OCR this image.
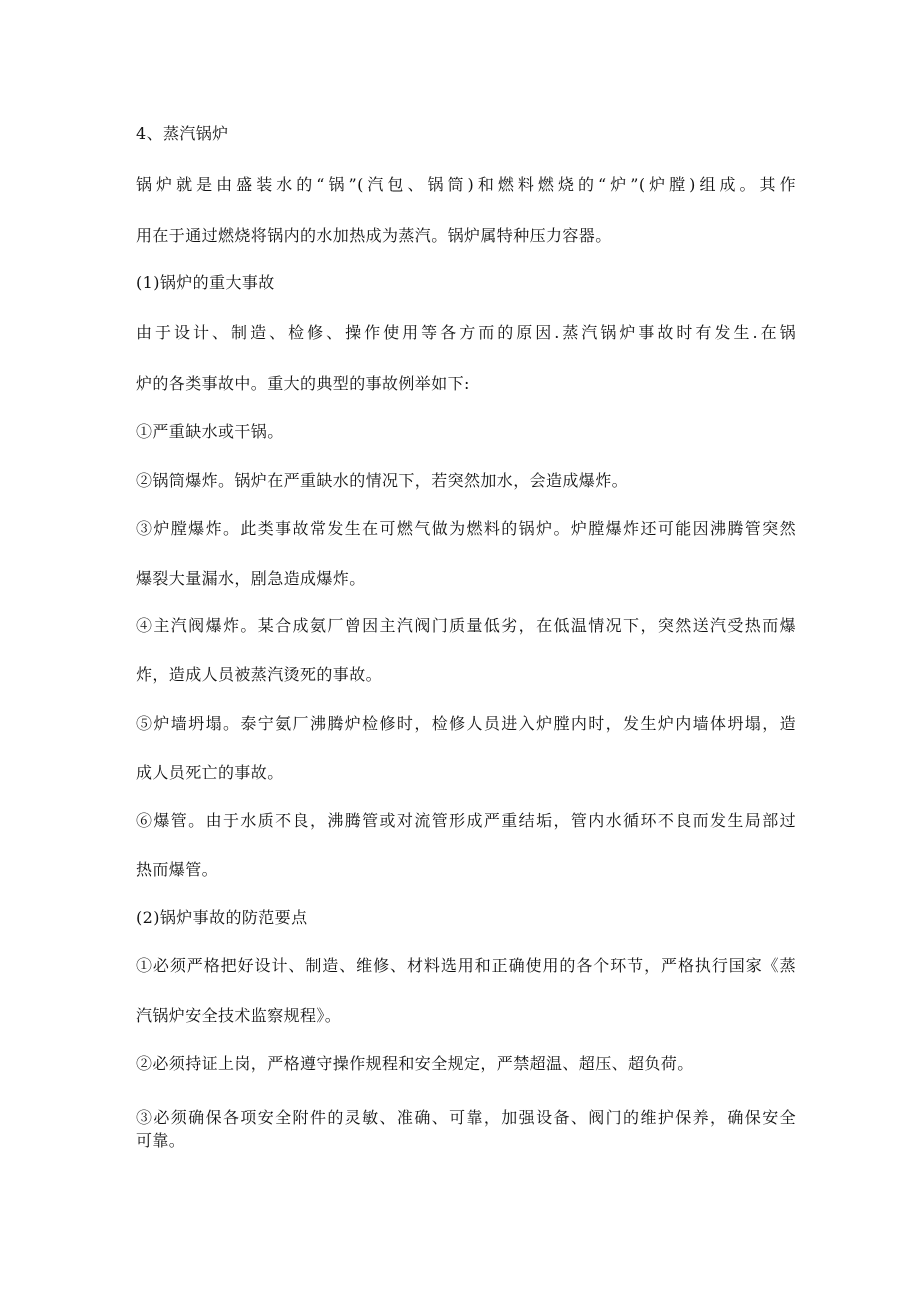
4、蒸汽锅炉
锅炉就是由盛装水的“锅”(汽包、锅筒)和燃料燃烧的“炉”(炉膛)组成。其作
用在于通过燃烧将锅内的水加热成为蒸汽。锅炉属特种压力容器。
(1)锅炉的重大事故
由于设计、制造、检修、操作使用等各方而的原因.蒸汽锅炉事故时有发生.在锅
炉的各类事故中。重大的典型的事故例举如下:
①严重缺水或干锅。
②锅筒爆炸。锅炉在严重缺水的情况下，若突然加水，会造成爆炸。
③炉膛爆炸。此类事故常发生在可燃气做为燃料的锅炉。炉膛爆炸还可能因沸腾管突然
爆裂大量漏水，剧急造成爆炸。
④主汽阀爆炸。某合成氨厂曾因主汽阀门质量低劣，在低温情况下，突然送汽受热而爆
炸，造成人员被蒸汽烫死的事故。
⑤炉墙坍塌。泰宁氨厂沸腾炉检修时，检修人员进入炉膛内时，发生炉内墙体坍塌，造
成人员死亡的事故。
⑥爆管。由于水质不良，沸腾管或对流管形成严重结垢，管内水循环不良而发生局部过
热而爆管。
(2)锅炉事故的防范要点
①必须严格把好设计、制造、维修、材料选用和正确使用的各个环节，严格执行国家《蒸
汽锅炉安全技术监察规程》。
②必须持证上岗，严格遵守操作规程和安全规定，严禁超温、超压、超负荷。
③必须确保各项安全附件的灵敏、准确、可靠，加强设备、阀门的维护保养，确保安全
可靠。
